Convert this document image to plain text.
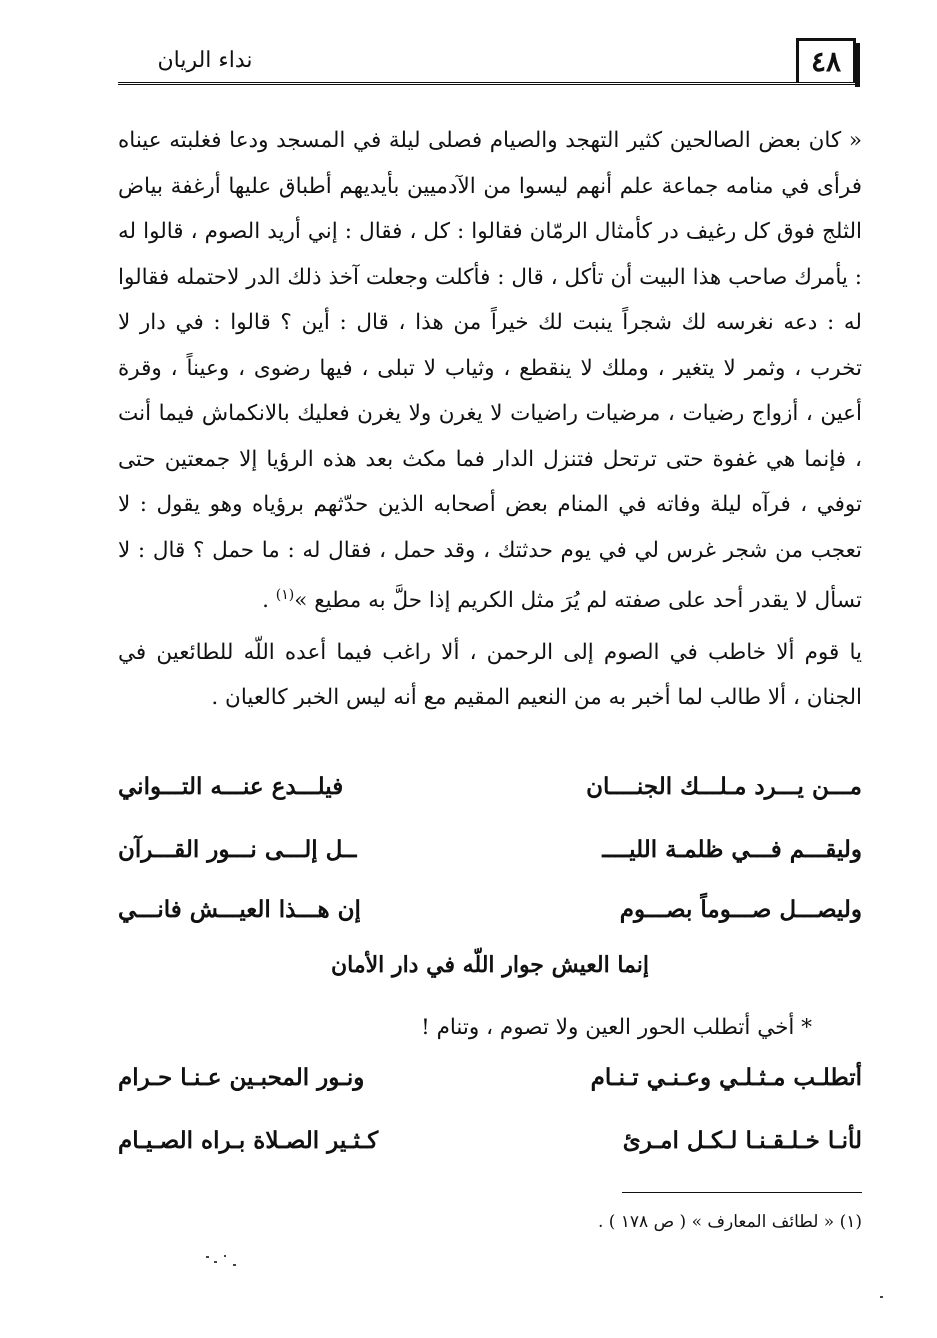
٤٨
نداء الريان

« كان بعض الصالحين كثير التهجد والصيام فصلى ليلة في المسجد ودعا فغلبته عيناه فرأى في منامه جماعة علم أنهم ليسوا من الآدميين بأيديهم أطباق عليها أرغفة بياض الثلج فوق كل رغيف در كأمثال الرمّان فقالوا : كل ، فقال : إني أريد الصوم ، قالوا له : يأمرك صاحب هذا البيت أن تأكل ، قال : فأكلت وجعلت آخذ ذلك الدر لاحتمله فقالوا له : دعه نغرسه لك شجراً ينبت لك خيراً من هذا ، قال : أين ؟ قالوا : في دار لا تخرب ، وثمر لا يتغير ، وملك لا ينقطع ، وثياب لا تبلى ، فيها رضوى ، وعيناً ، وقرة أعين ، أزواج رضيات ، مرضيات راضيات لا يغرن ولا يغرن فعليك بالانكماش فيما أنت ، فإنما هي غفوة حتى ترتحل فتنزل الدار فما مكث بعد هذه الرؤيا إلا جمعتين حتى توفي ، فرآه ليلة وفاته في المنام بعض أصحابه الذين حدّثهم برؤياه وهو يقول : لا تعجب من شجر غرس لي في يوم حدثتك ، وقد حمل ، فقال له : ما حمل ؟ قال : لا تسأل لا يقدر أحد على صفته لم يُرَ مثل الكريم إذا حلَّ به مطيع »$^{(١)}$ .

يا قوم ألا خاطب في الصوم إلى الرحمن ، ألا راغب فيما أعده اللّه للطائعين في الجنان ، ألا طالب لما أخبر به من النعيم المقيم مع أنه ليس الخبر كالعيان .

مـــن يـــرد مـلـــك الجنــــان
فيلـــدع عنـــه التـــواني
وليقـــم فـــي ظلمـة الليــــ
ــل إلـــى نـــور القـــرآن
وليصـــل صـــوماً بصـــوم
إن هـــذا العيـــش فانـــي
إنما العيش جوار اللّه في دار الأمان
* أخي أتطلب الحور العين ولا تصوم ، وتنام !
أتطلـب مـثـلـي وعـنـي تـنـام
ونـور المحبـين عـنـا حـرام
لأنـا خـلـقـنـا لـكـل امـرئ
كـثـير الصـلاة بـراه الصـيـام
(١) « لطائف المعارف » ( ص ١٧٨ ) .
